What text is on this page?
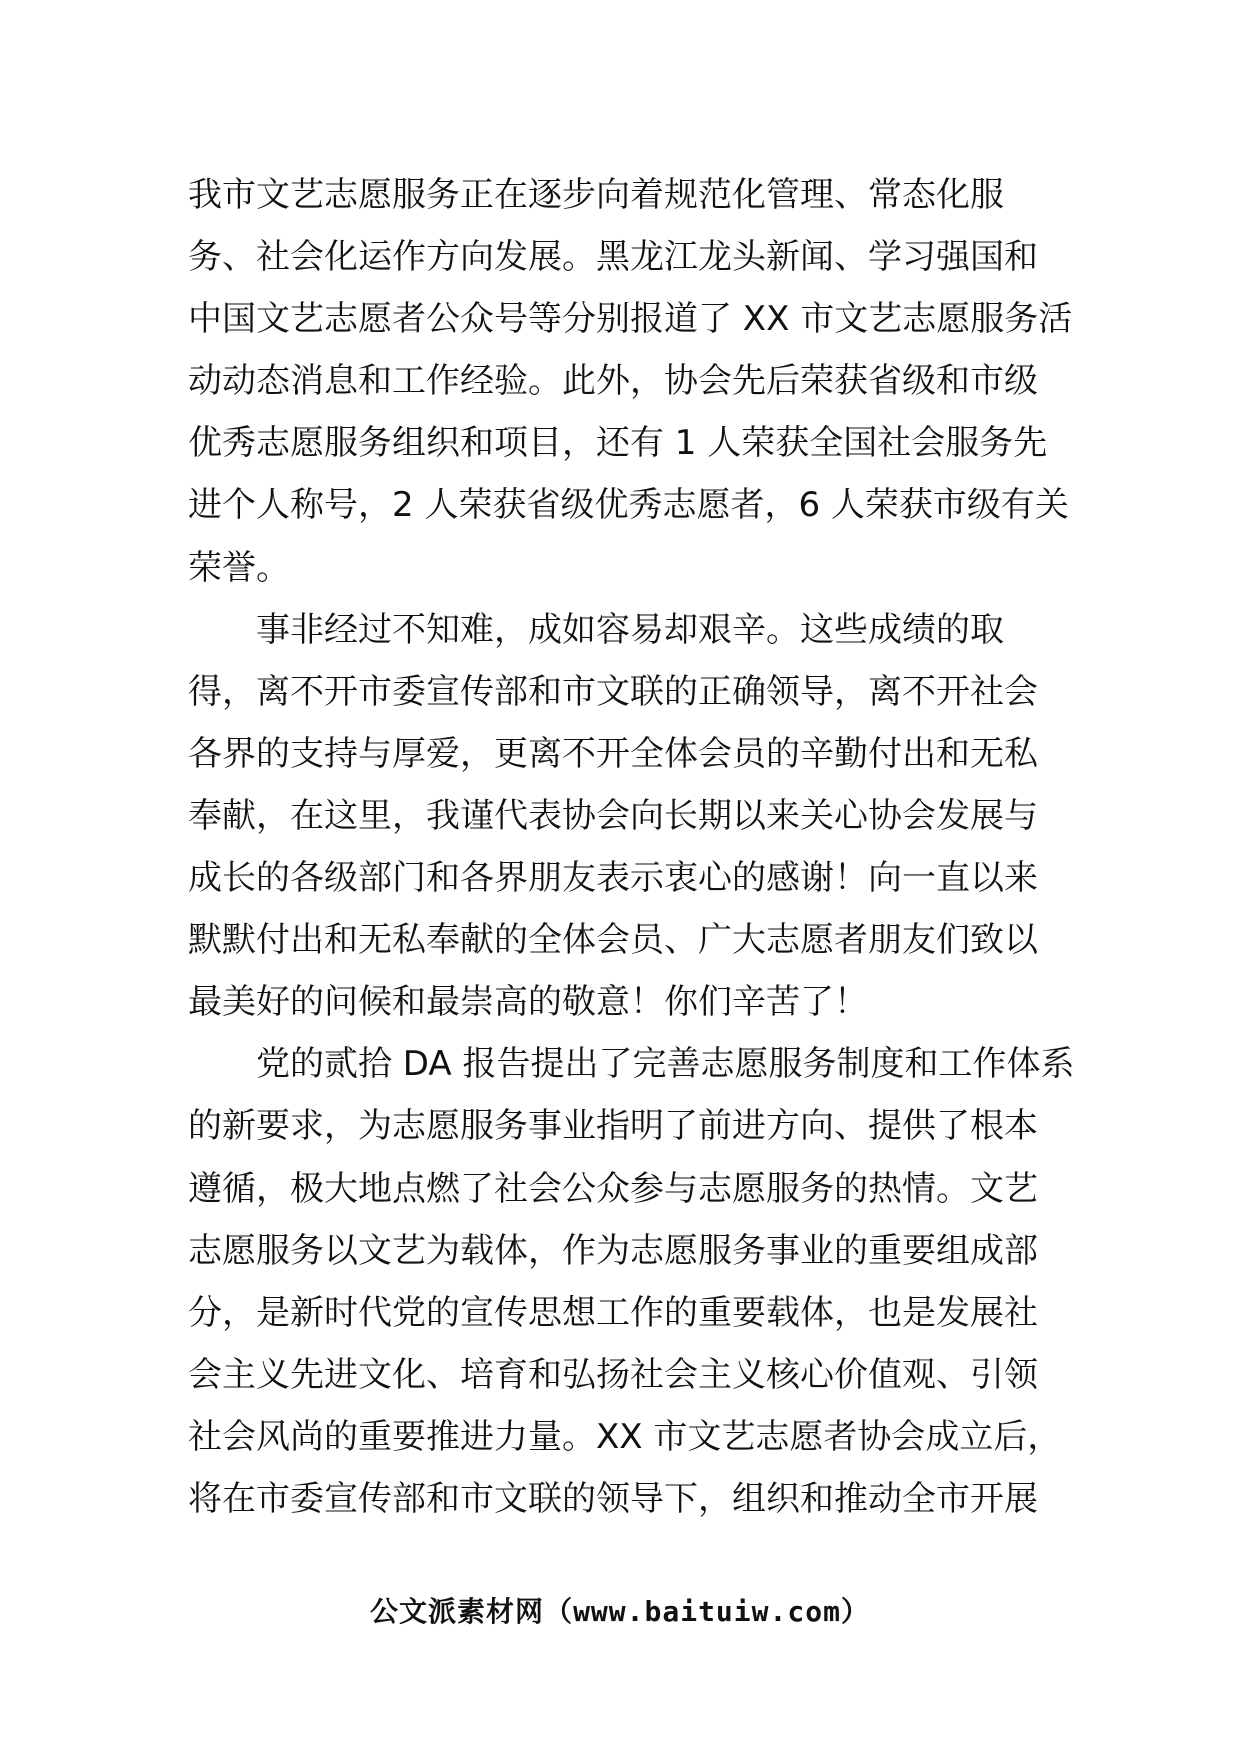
我市文艺志愿服务正在逐步向着规范化管理、常态化服
务、社会化运作方向发展。黑龙江龙头新闻、学习强国和
中国文艺志愿者公众号等分别报道了 XX 市文艺志愿服务活
动动态消息和工作经验。此外，协会先后荣获省级和市级
优秀志愿服务组织和项目，还有 1 人荣获全国社会服务先
进个人称号，2 人荣获省级优秀志愿者，6 人荣获市级有关
荣誉。
事非经过不知难，成如容易却艰辛。这些成绩的取
得，离不开市委宣传部和市文联的正确领导，离不开社会
各界的支持与厚爱，更离不开全体会员的辛勤付出和无私
奉献，在这里，我谨代表协会向长期以来关心协会发展与
成长的各级部门和各界朋友表示衷心的感谢！向一直以来
默默付出和无私奉献的全体会员、广大志愿者朋友们致以
最美好的问候和最崇高的敬意！你们辛苦了！
党的贰拾 DA 报告提出了完善志愿服务制度和工作体系
的新要求，为志愿服务事业指明了前进方向、提供了根本
遵循，极大地点燃了社会公众参与志愿服务的热情。文艺
志愿服务以文艺为载体，作为志愿服务事业的重要组成部
分，是新时代党的宣传思想工作的重要载体，也是发展社
会主义先进文化、培育和弘扬社会主义核心价值观、引领
社会风尚的重要推进力量。XX 市文艺志愿者协会成立后，
将在市委宣传部和市文联的领导下，组织和推动全市开展
公文派素材网（www.baituiw.com）
